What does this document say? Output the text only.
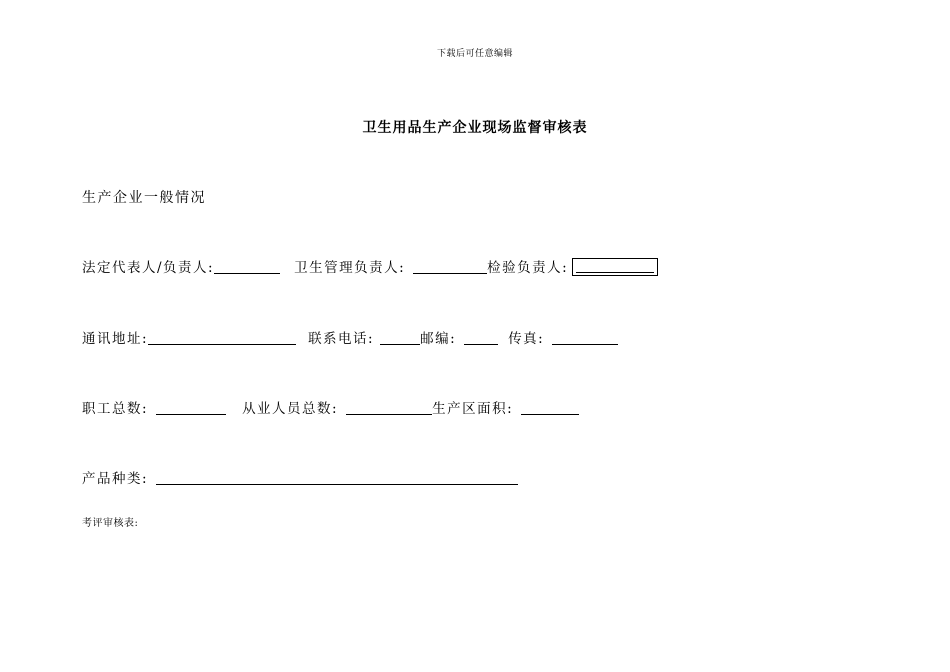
下载后可任意编辑
卫生用品生产企业现场监督审核表
生产企业一般情况
法定代表人/负责人:	卫生管理负责人:	检验负责人:
通讯地址:	联系电话:	邮编:	传真:
职工总数:	从业人员总数:	生产区面积:
产品种类:
考评审核表:
